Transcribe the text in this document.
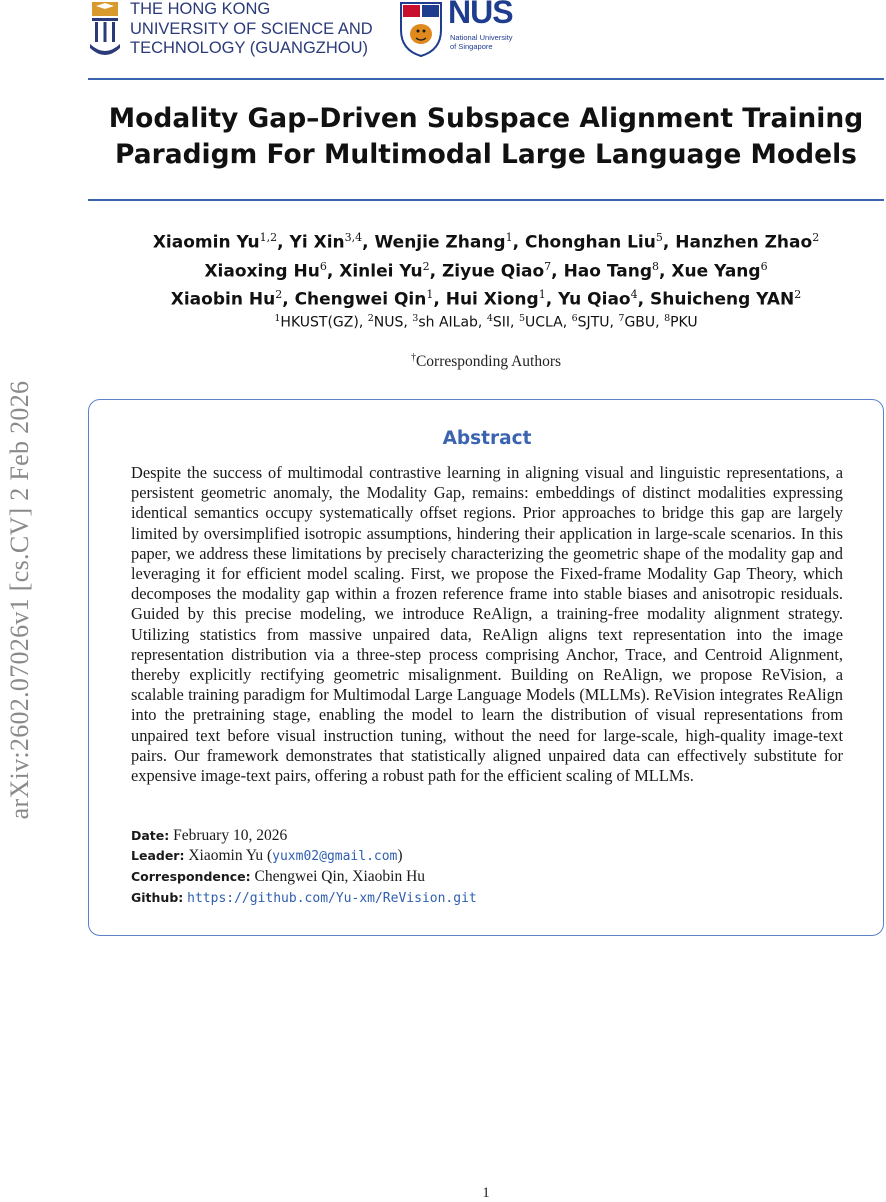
arXiv:2602.07026v1 [cs.CV] 2 Feb 2026
THE HONG KONG
UNIVERSITY OF SCIENCE AND
TECHNOLOGY (GUANGZHOU)
NUS
National University
of Singapore
Modality Gap–Driven Subspace Alignment Training
Paradigm For Multimodal Large Language Models
Xiaomin Yu$^{1,2}$, Yi Xin$^{3,4}$, Wenjie Zhang$^1$, Chonghan Liu$^5$, Hanzhen Zhao$^2$
Xiaoxing Hu$^6$, Xinlei Yu$^2$, Ziyue Qiao$^7$, Hao Tang$^8$, Xue Yang$^6$
Xiaobin Hu$^2$, Chengwei Qin$^1$, Hui Xiong$^1$, Yu Qiao$^4$, Shuicheng YAN$^2$
$^1$HKUST(GZ), $^2$NUS, $^3$sh AILab, $^4$SII, $^5$UCLA, $^6$SJTU, $^7$GBU, $^8$PKU
†Corresponding Authors
Abstract
Despite the success of multimodal contrastive learning in aligning visual and linguistic representations, a persistent geometric anomaly, the Modality Gap, remains: embeddings of distinct modalities expressing identical semantics occupy systematically offset regions. Prior approaches to bridge this gap are largely limited by oversimplified isotropic assumptions, hindering their application in large-scale scenarios. In this paper, we address these limitations by precisely characterizing the geometric shape of the modality gap and leveraging it for efficient model scaling. First, we propose the Fixed-frame Modality Gap Theory, which decomposes the modality gap within a frozen reference frame into stable biases and anisotropic residuals. Guided by this precise modeling, we introduce ReAlign, a training-free modality alignment strategy. Utilizing statistics from massive unpaired data, ReAlign aligns text representation into the image representation distribution via a three-step process comprising Anchor, Trace, and Centroid Alignment, thereby explicitly rectifying geometric misalignment. Building on ReAlign, we propose ReVision, a scalable training paradigm for Multimodal Large Language Models (MLLMs). ReVision integrates ReAlign into the pretraining stage, enabling the model to learn the distribution of visual representations from unpaired text before visual instruction tuning, without the need for large-scale, high-quality image-text pairs. Our framework demonstrates that statistically aligned unpaired data can effectively substitute for expensive image-text pairs, offering a robust path for the efficient scaling of MLLMs.
Date: February 10, 2026
Leader: Xiaomin Yu (yuxm02@gmail.com)
Correspondence: Chengwei Qin, Xiaobin Hu
Github: https://github.com/Yu-xm/ReVision.git
1
